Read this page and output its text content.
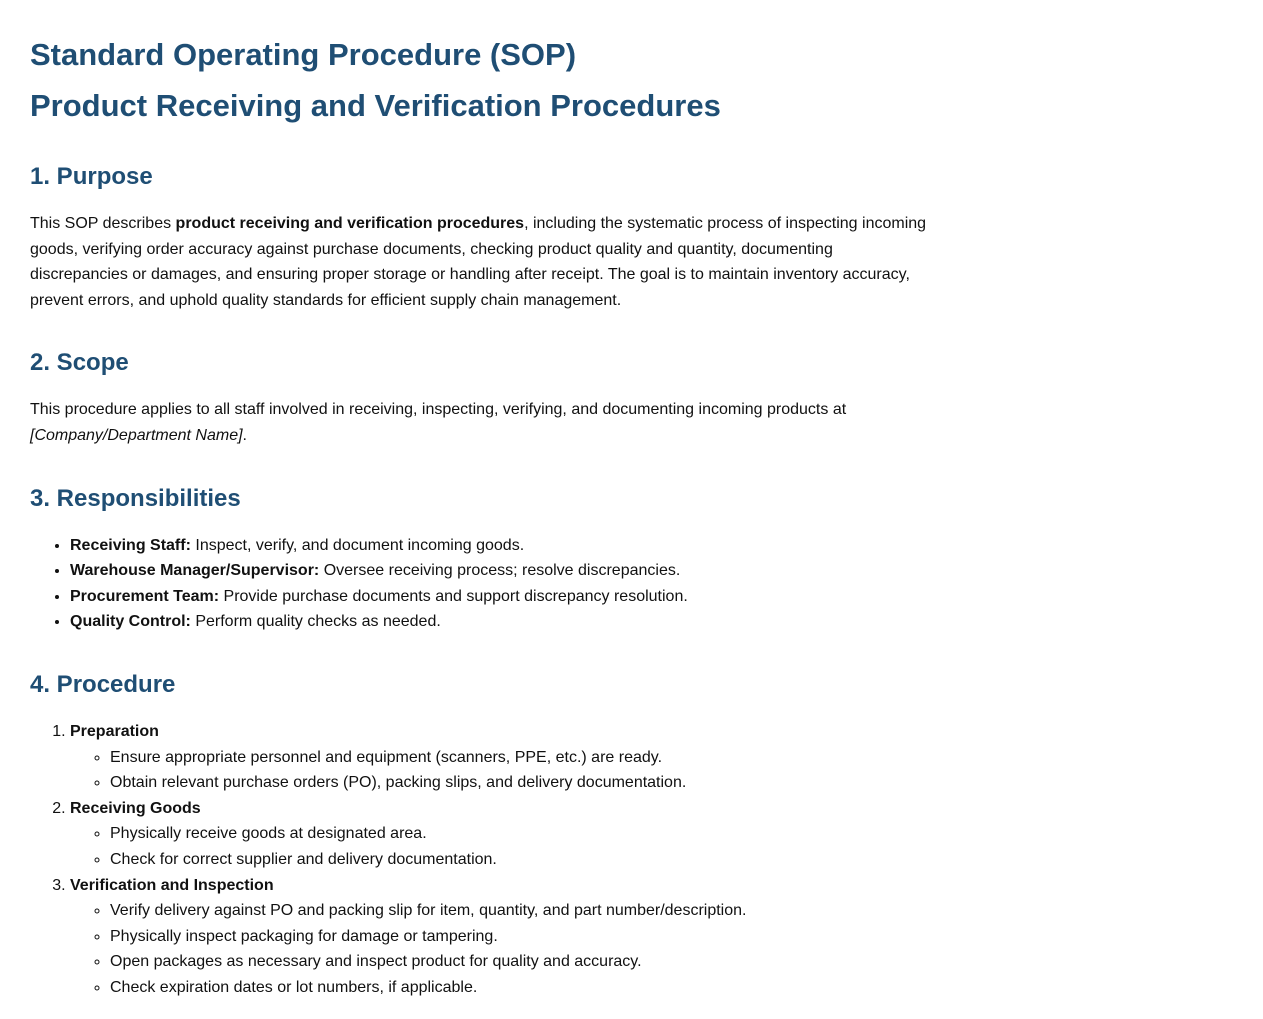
Standard Operating Procedure (SOP)
Product Receiving and Verification Procedures
1. Purpose

This SOP describes product receiving and verification procedures, including the systematic process of inspecting incoming goods, verifying order accuracy against purchase documents, checking product quality and quantity, documenting discrepancies or damages, and ensuring proper storage or handling after receipt. The goal is to maintain inventory accuracy, prevent errors, and uphold quality standards for efficient supply chain management.

2. Scope

This procedure applies to all staff involved in receiving, inspecting, verifying, and documenting incoming products at [Company/Department Name].

3. Responsibilities
• Receiving Staff: Inspect, verify, and document incoming goods.
• Warehouse Manager/Supervisor: Oversee receiving process; resolve discrepancies.
• Procurement Team: Provide purchase documents and support discrepancy resolution.
• Quality Control: Perform quality checks as needed.
4. Procedure
1. Preparation
◦ Ensure appropriate personnel and equipment (scanners, PPE, etc.) are ready.
◦ Obtain relevant purchase orders (PO), packing slips, and delivery documentation.
2. Receiving Goods
◦ Physically receive goods at designated area.
◦ Check for correct supplier and delivery documentation.
3. Verification and Inspection
◦ Verify delivery against PO and packing slip for item, quantity, and part number/description.
◦ Physically inspect packaging for damage or tampering.
◦ Open packages as necessary and inspect product for quality and accuracy.
◦ Check expiration dates or lot numbers, if applicable.
